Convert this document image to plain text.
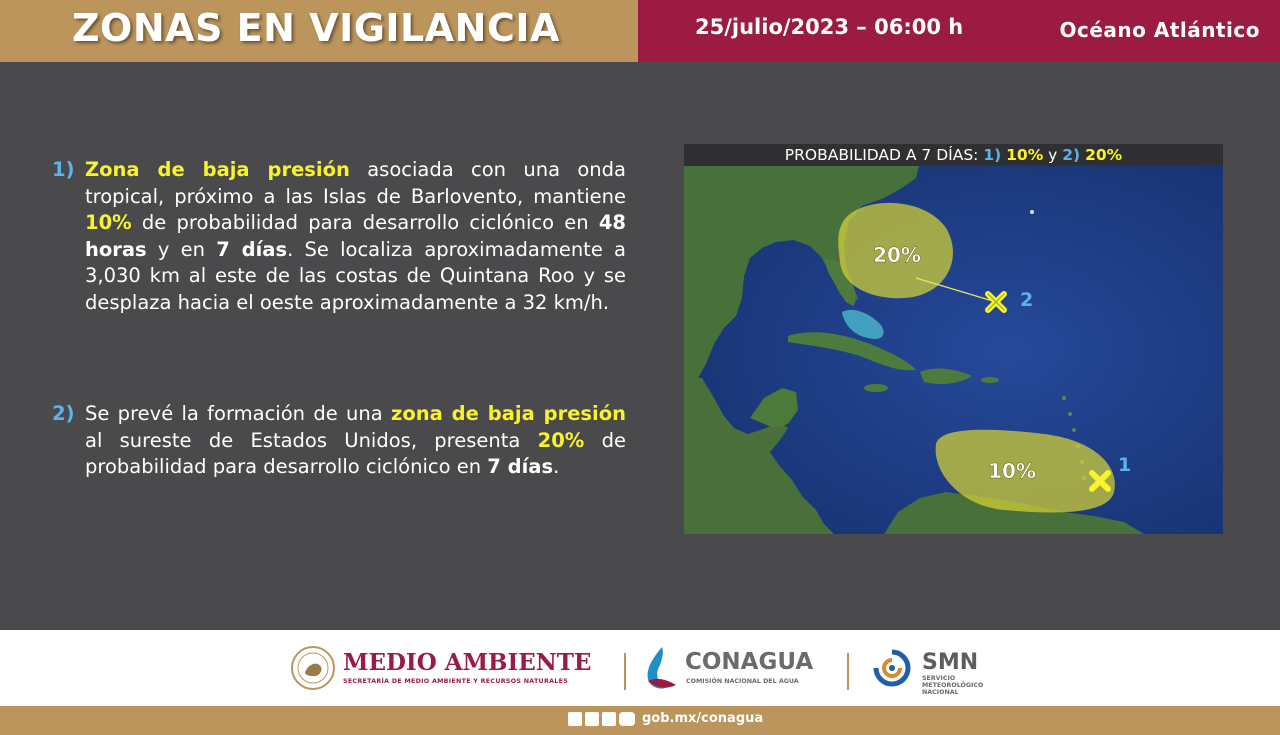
ZONAS EN VIGILANCIA	25/julio/2023 – 06:00 h	Océano Atlántico
1) Zona de baja presión asociada con una onda tropical, próximo a las Islas de Barlovento, mantiene 10% de probabilidad para desarrollo ciclónico en 48 horas y en 7 días. Se localiza aproximadamente a 3,030 km al este de las costas de Quintana Roo y se desplaza hacia el oeste aproximadamente a 32 km/h.
2) Se prevé la formación de una zona de baja presión al sureste de Estados Unidos, presenta 20% de probabilidad para desarrollo ciclónico en 7 días.
PROBABILIDAD A 7 DÍAS: 1) 10% y 2) 20%
20%
2
10%	1
MEDIO AMBIENTE
SECRETARÍA DE MEDIO AMBIENTE Y RECURSOS NATURALES
CONAGUA
COMISIÓN NACIONAL DEL AGUA
SMN
SERVICIO METEOROLÓGICO NACIONAL
gob.mx/conagua
